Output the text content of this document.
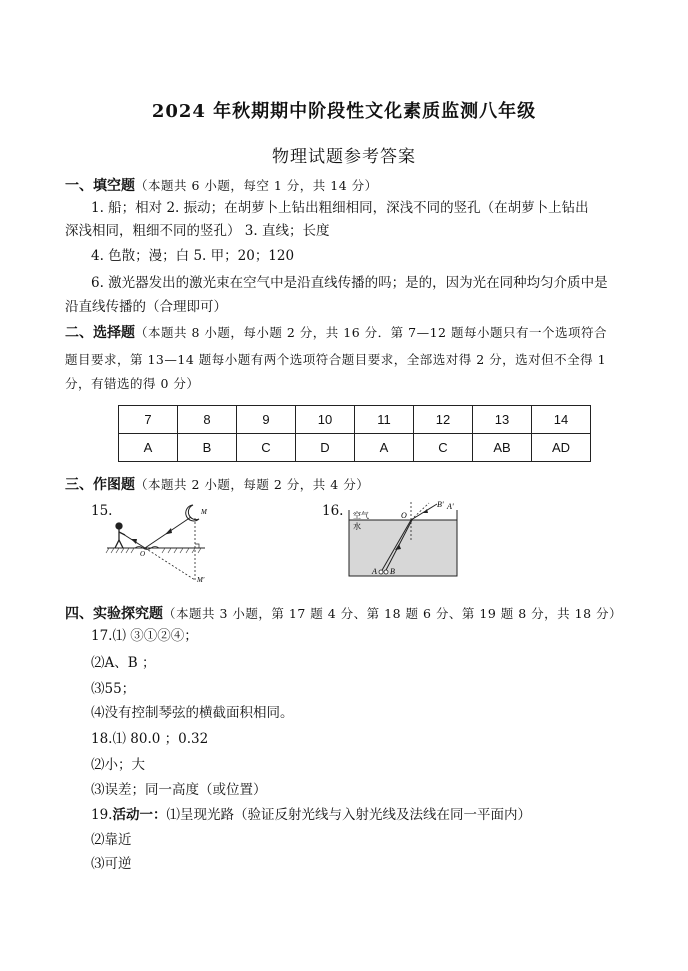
2024 年秋期期中阶段性文化素质监测八年级
物理试题参考答案
一、填空题（本题共 6 小题，每空 1 分，共 14 分）
1. 船；相对 2. 振动；在胡萝卜上钻出粗细相同，深浅不同的竖孔（在胡萝卜上钻出
深浅相同，粗细不同的竖孔） 3. 直线；长度
4. 色散；漫；白 5. 甲；20；120
6. 激光器发出的激光束在空气中是沿直线传播的吗；是的，因为光在同种均匀介质中是
沿直线传播的（合理即可）
二、选择题（本题共 8 小题，每小题 2 分，共 16 分．第 7—12 题每小题只有一个选项符合
题目要求，第 13—14 题每小题有两个选项符合题目要求，全部选对得 2 分，选对但不全得 1
分，有错选的得 0 分）
7	8	9	10	11	12	13	14
A	B	C	D	A	C	AB	AD
三、作图题（本题共 2 小题，每题 2 分，共 4 分）
15.	M
O
M'
16. 空气
水
O
A B
B' A'
四、实验探究题（本题共 3 小题，第 17 题 4 分、第 18 题 6 分、第 19 题 8 分，共 18 分）
17.⑴ ③①②④；
⑵A、B ；
⑶55；
⑷没有控制琴弦的横截面积相同。
18.⑴ 80.0 ；0.32
⑵小；大
⑶误差；同一高度（或位置）
19.活动一：⑴呈现光路（验证反射光线与入射光线及法线在同一平面内）
⑵靠近
⑶可逆
